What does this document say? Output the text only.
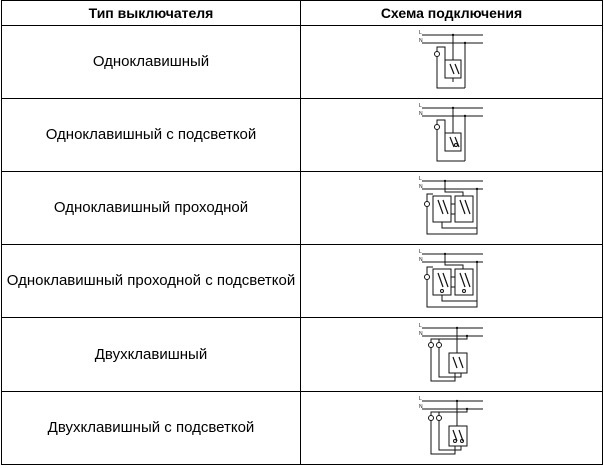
Тип выключателя	Схема подключения
Одноклавишный	L
N

Одноклавишный с подсветкой	L
N

Одноклавишный проходной	L
N

Одноклавишный проходной с подсветкой	L
N

Двухклавишный	L
N

Двухклавишный с подсветкой	L
N
